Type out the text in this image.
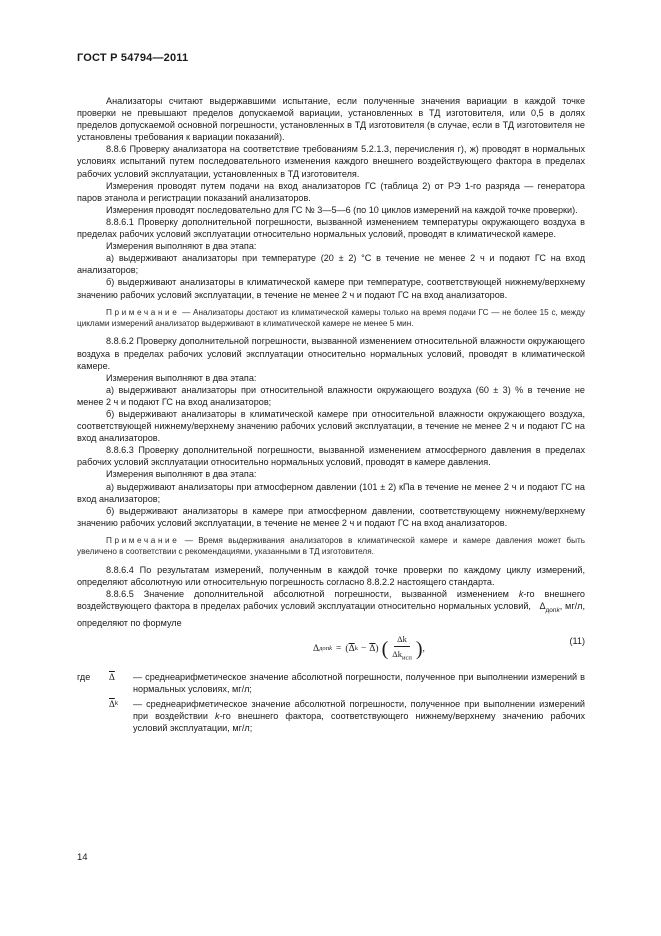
ГОСТ Р 54794—2011

Анализаторы считают выдержавшими испытание, если полученные значения вариации в каждой точке проверки не превышают пределов допускаемой вариации, установленных в ТД изготовителя, или 0,5 в долях пределов допускаемой основной погрешности, установленных в ТД изготовителя (в случае, если в ТД изготовителя не установлены требования к вариации показаний).

8.8.6 Проверку анализатора на соответствие требованиям 5.2.1.3, перечисления г), ж) проводят в нормальных условиях испытаний путем последовательного изменения каждого внешнего воздействующего фактора в пределах рабочих условий эксплуатации, установленных в ТД изготовителя.

Измерения проводят путем подачи на вход анализаторов ГС (таблица 2) от РЭ 1-го разряда — генератора паров этанола и регистрации показаний анализаторов.

Измерения проводят последовательно для ГС № 3—5—6 (по 10 циклов измерений на каждой точке проверки).

8.8.6.1 Проверку дополнительной погрешности, вызванной изменением температуры окружающего воздуха в пределах рабочих условий эксплуатации относительно нормальных условий, проводят в климатической камере.

Измерения выполняют в два этапа:

а) выдерживают анализаторы при температуре (20 ± 2) °С в течение не менее 2 ч и подают ГС на вход анализаторов;

б) выдерживают анализаторы в климатической камере при температуре, соответствующей нижнему/верхнему значению рабочих условий эксплуатации, в течение не менее 2 ч и подают ГС на вход анализаторов.

Примечание — Анализаторы достают из климатической камеры только на время подачи ГС — не более 15 с, между циклами измерений анализатор выдерживают в климатической камере не менее 5 мин.

8.8.6.2 Проверку дополнительной погрешности, вызванной изменением относительной влажности окружающего воздуха в пределах рабочих условий эксплуатации относительно нормальных условий, проводят в климатической камере.

Измерения выполняют в два этапа:

а) выдерживают анализаторы при относительной влажности окружающего воздуха (60 ± 3) % в течение не менее 2 ч и подают ГС на вход анализаторов;

б) выдерживают анализаторы в климатической камере при относительной влажности окружающего воздуха, соответствующей нижнему/верхнему значению рабочих условий эксплуатации, в течение не менее 2 ч и подают ГС на вход анализаторов.

8.8.6.3 Проверку дополнительной погрешности, вызванной изменением атмосферного давления в пределах рабочих условий эксплуатации относительно нормальных условий, проводят в камере давления.

Измерения выполняют в два этапа:

а) выдерживают анализаторы при атмосферном давлении (101 ± 2) кПа в течение не менее 2 ч и подают ГС на вход анализаторов;

б) выдерживают анализаторы в камере при атмосферном давлении, соответствующему нижнему/верхнему значению рабочих условий эксплуатации, в течение не менее 2 ч и подают ГС на вход анализаторов.

Примечание — Время выдерживания анализаторов в климатической камере и камере давления может быть увеличено в соответствии с рекомендациями, указанными в ТД изготовителя.

8.8.6.4 По результатам измерений, полученным в каждой точке проверки по каждому циклу измерений, определяют абсолютную или относительную погрешность согласно 8.8.2.2 настоящего стандарта.

8.8.6.5 Значение дополнительной абсолютной погрешности, вызванной изменением k-го внешнего воздействующего фактора в пределах рабочих условий эксплуатации относительно нормальных условий, $\Delta_{допk}$, мг/л, определяют по формуле

Δ допk = ( $\overline{\Delta}$ $k - \overline{\Delta}$ ) ( $\frac{\Delta k}{\Delta k_{исп}}$ ) ,
(11)
где	$\overline{\Delta}$ — среднеарифметическое значение абсолютной погрешности, полученное при выполнении измерений в нормальных условиях, мг/л;
$\overline{\Delta}$ k — среднеарифметическое значение абсолютной погрешности, полученное при выполнении измерений при воздействии k-го внешнего фактора, соответствующего нижнему/верхнему значению рабочих условий эксплуатации, мг/л;
14
